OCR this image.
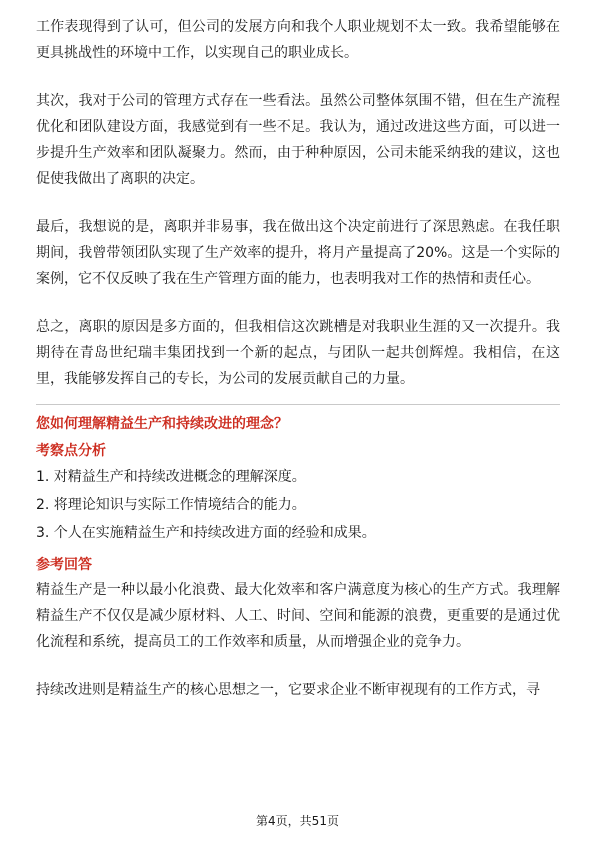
工作表现得到了认可，但公司的发展方向和我个人职业规划不太一致。我希望能够在更具挑战性的环境中工作，以实现自己的职业成长。

其次，我对于公司的管理方式存在一些看法。虽然公司整体氛围不错，但在生产流程优化和团队建设方面，我感觉到有一些不足。我认为，通过改进这些方面，可以进一步提升生产效率和团队凝聚力。然而，由于种种原因，公司未能采纳我的建议，这也促使我做出了离职的决定。

最后，我想说的是，离职并非易事，我在做出这个决定前进行了深思熟虑。在我任职期间，我曾带领团队实现了生产效率的提升，将月产量提高了20%。这是一个实际的案例，它不仅反映了我在生产管理方面的能力，也表明我对工作的热情和责任心。

总之，离职的原因是多方面的，但我相信这次跳槽是对我职业生涯的又一次提升。我期待在青岛世纪瑞丰集团找到一个新的起点，与团队一起共创辉煌。我相信，在这里，我能够发挥自己的专长，为公司的发展贡献自己的力量。

您如何理解精益生产和持续改进的理念？

考察点分析

1. 对精益生产和持续改进概念的理解深度。

2. 将理论知识与实际工作情境结合的能力。

3. 个人在实施精益生产和持续改进方面的经验和成果。

参考回答

精益生产是一种以最小化浪费、最大化效率和客户满意度为核心的生产方式。我理解精益生产不仅仅是减少原材料、人工、时间、空间和能源的浪费，更重要的是通过优化流程和系统，提高员工的工作效率和质量，从而增强企业的竞争力。

持续改进则是精益生产的核心思想之一，它要求企业不断审视现有的工作方式，寻

第4页，共51页
